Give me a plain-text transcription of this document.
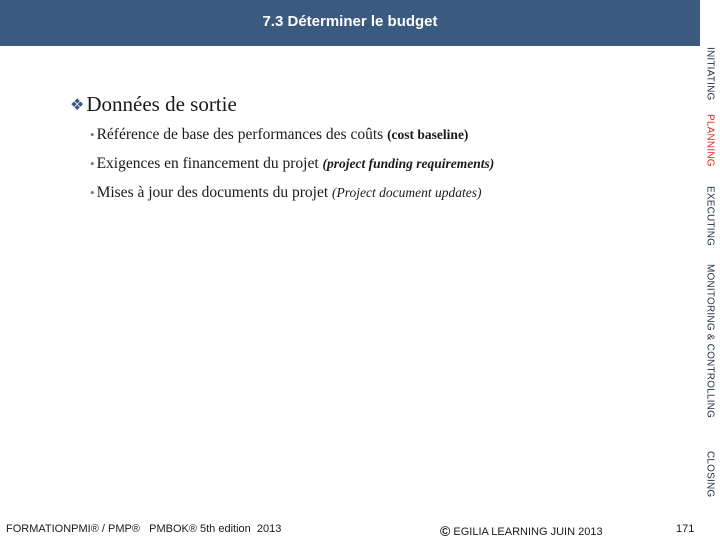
7.3 Déterminer le budget
INITIATING
PLANNING
EXECUTING
MONITORING & CONTROLLING
CLOSING
❖ Données de sortie
• Référence de base des performances des coûts (cost baseline)
• Exigences en financement du projet (project funding requirements)
• Mises à jour des documents du projet (Project document updates)
FORMATIONPMI® / PMP®   PMBOK® 5th edition  2013	© EGILIA LEARNING JUIN 2013	171
